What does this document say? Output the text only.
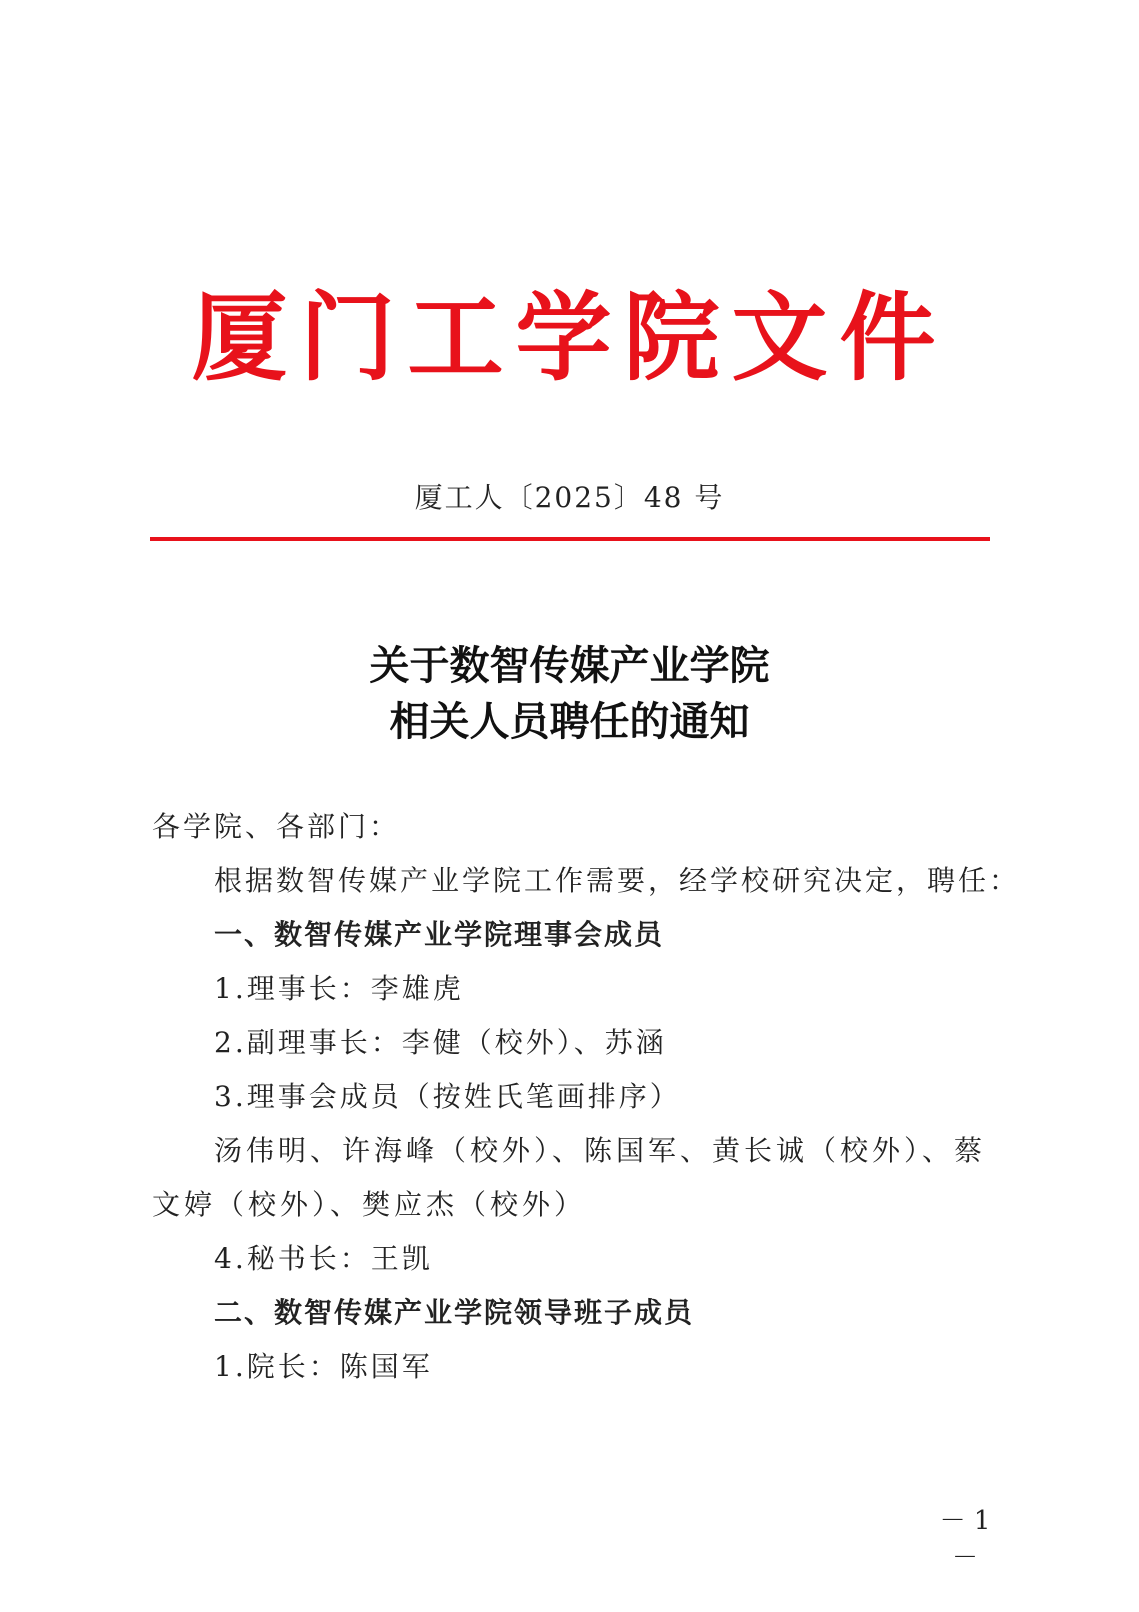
厦门工学院文件
厦工人〔2025〕48 号
关于数智传媒产业学院
相关人员聘任的通知
各学院、各部门：
根据数智传媒产业学院工作需要，经学校研究决定，聘任：
一、数智传媒产业学院理事会成员
1.理事长：李雄虎
2.副理事长：李健（校外）、苏涵
3.理事会成员（按姓氏笔画排序）
汤伟明、许海峰（校外）、陈国军、黄长诚（校外）、蔡文婷（校外）、樊应杰（校外）
4.秘书长：王凯
二、数智传媒产业学院领导班子成员
1.院长：陈国军
－ 1 －
